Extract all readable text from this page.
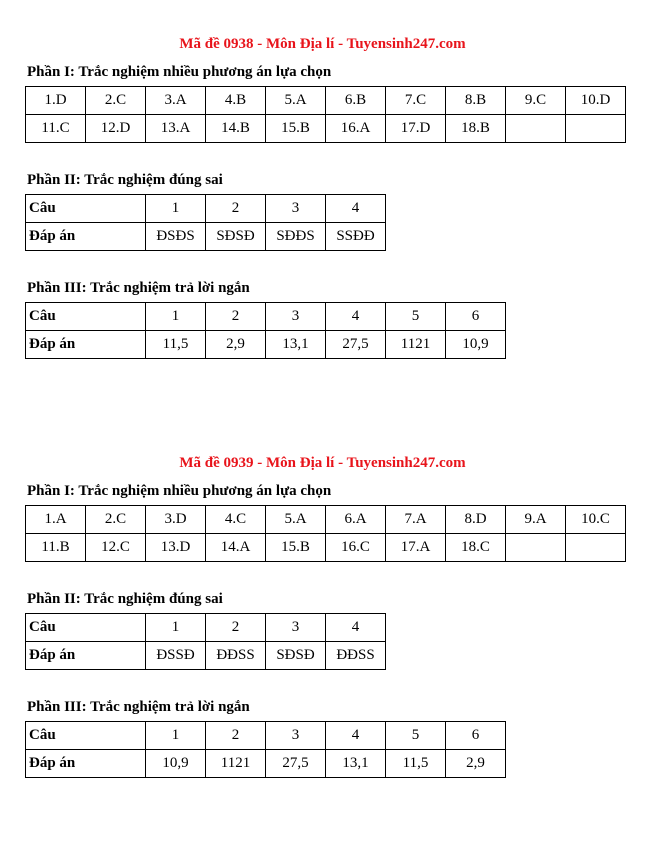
Mã đề 0938 - Môn Địa lí - Tuyensinh247.com
Phần I: Trắc nghiệm nhiều phương án lựa chọn
1.D	2.C	3.A	4.B	5.A	6.B	7.C	8.B	9.C	10.D
11.C	12.D	13.A	14.B	15.B	16.A	17.D	18.B		
Phần II: Trắc nghiệm đúng sai
Câu	1	2	3	4
Đáp án	ĐSĐS	SĐSĐ	SĐĐS	SSĐĐ
Phần III: Trắc nghiệm trả lời ngắn
Câu	1	2	3	4	5	6
Đáp án	11,5	2,9	13,1	27,5	1121	10,9
Mã đề 0939 - Môn Địa lí - Tuyensinh247.com
Phần I: Trắc nghiệm nhiều phương án lựa chọn
1.A	2.C	3.D	4.C	5.A	6.A	7.A	8.D	9.A	10.C
11.B	12.C	13.D	14.A	15.B	16.C	17.A	18.C		
Phần II: Trắc nghiệm đúng sai
Câu	1	2	3	4
Đáp án	ĐSSĐ	ĐĐSS	SĐSĐ	ĐĐSS
Phần III: Trắc nghiệm trả lời ngắn
Câu	1	2	3	4	5	6
Đáp án	10,9	1121	27,5	13,1	11,5	2,9
